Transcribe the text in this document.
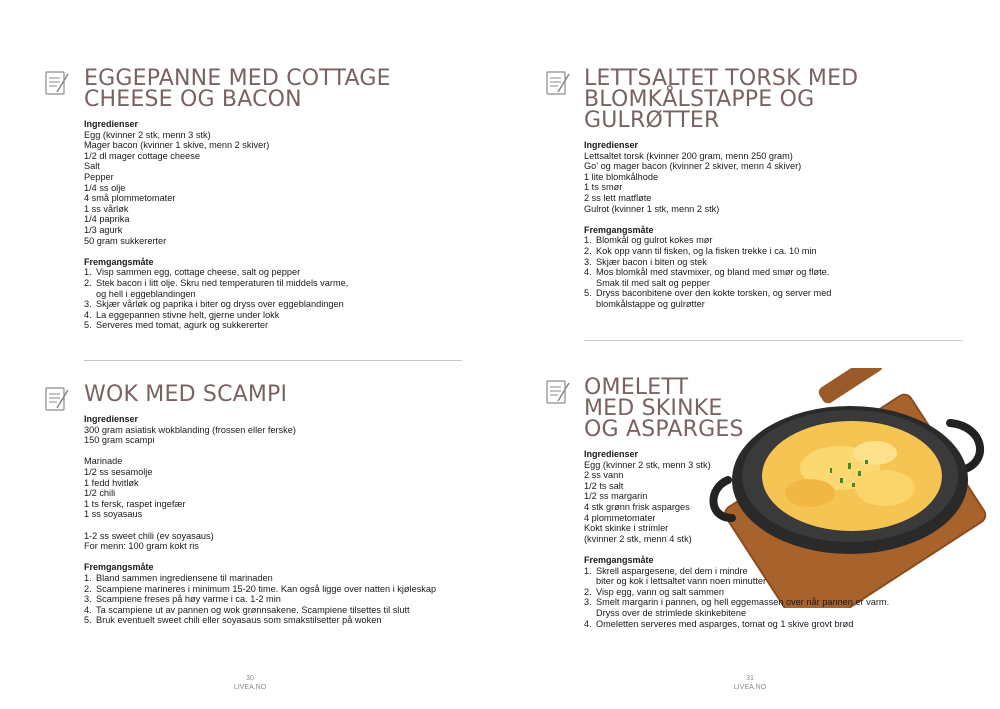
EGGEPANNE MED COTTAGE
CHEESE OG BACON
Ingredienser
Egg (kvinner 2 stk, menn 3 stk)
Mager bacon (kvinner 1 skive, menn 2 skiver)
1/2 dl mager cottage cheese
Salt
Pepper
1/4 ss olje
4 små plommetomater
1 ss vårløk
1/4 paprika
1/3 agurk
50 gram sukkererter
Fremgangsmåte
1. Visp sammen egg, cottage cheese, salt og pepper
2. Stek bacon i litt olje. Skru ned temperaturen til middels varme,
og hell i eggeblandingen
3. Skjær vårløk og paprika i biter og dryss over eggeblandingen
4. La eggepannen stivne helt, gjerne under lokk
5. Serveres med tomat, agurk og sukkererter
WOK MED SCAMPI
Ingredienser
300 gram asiatisk wokblanding (frossen eller ferske)
150 gram scampi
Marinade
1/2 ss sesamolje
1 fedd hvitløk
1/2 chili
1 ts fersk, raspet ingefær
1 ss soyasaus
1-2 ss sweet chili (ev soyasaus)
For menn: 100 gram kokt ris
Fremgangsmåte
1. Bland sammen ingrediensene til marinaden
2. Scampiene marineres i minimum 15-20 time. Kan også ligge over natten i kjøleskap
3. Scampiene freses på høy varme i ca. 1-2 min
4. Ta scampiene ut av pannen og wok grønnsakene. Scampiene tilsettes til slutt
5. Bruk eventuelt sweet chili eller soyasaus som smakstilsetter på woken
LETTSALTET TORSK MED
BLOMKÅLSTAPPE OG
GULRØTTER
Ingredienser
Lettsaltet torsk (kvinner 200 gram, menn 250 gram)
Go' og mager bacon (kvinner 2 skiver, menn 4 skiver)
1 lite blomkålhode
1 ts smør
2 ss lett matfløte
Gulrot (kvinner 1 stk, menn 2 stk)
Fremgangsmåte
1. Blomkål og gulrot kokes mør
2. Kok opp vann til fisken, og la fisken trekke i ca. 10 min
3. Skjær bacon i biten og stek
4. Mos blomkål med stavmixer, og bland med smør og fløte.
Smak til med salt og pepper
5. Dryss baconbitene over den kokte torsken, og server med
blomkålstappe og gulrøtter
OMELETT
MED SKINKE
OG ASPARGES
Ingredienser
Egg (kvinner 2 stk, menn 3 stk)
2 ss vann
1/2 ts salt
1/2 ss margarin
4 stk grønn frisk asparges
4 plommetomater
Kokt skinke i strimler
(kvinner 2 stk, menn 4 stk)
Fremgangsmåte
1. Skrell aspargesene, del dem i mindre
biter og kok i lettsaltet vann noen minutter
2. Visp egg, vann og salt sammen
3. Smelt margarin i pannen, og hell eggemassen over når pannen er varm.
Dryss over de strimlede skinkebitene
4. Omeletten serveres med asparges, tomat og 1 skive grovt brød
30
LIVEA.NO
31
LIVEA.NO
